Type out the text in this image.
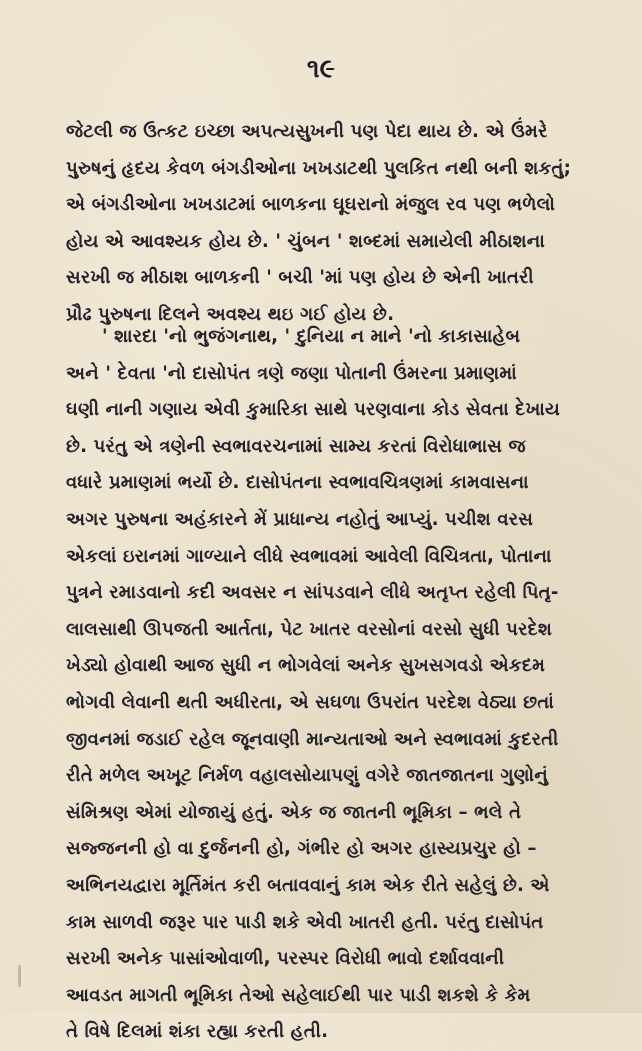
૧૯

જેટલી જ ઉત્કટ ઇચ્છા અપત્યસુખની પણ પેદા થાય છે. એ ઉંમરે
પુરુષનું હૃદય કેવળ બંગડીઓના ખખડાટથી પુલકિત નથી બની શકતું;
એ બંગડીઓના ખખડાટમાં બાળકના ઘૂઘરાનો મંજુલ રવ પણ ભળેલો
હોય એ આવશ્યક હોય છે. ' ચુંબન ' શબ્દમાં સમાયેલી મીઠાશના
સરખી જ મીઠાશ બાળકની ' બચી 'માં પણ હોય છે એની ખાતરી
પ્રૌઢ પુરુષના દિલને અવશ્ય થઇ ગઈ હોય છે.

' શારદા 'નો ભુજંગનાથ, ' દુનિયા ન માને 'નો કાકાસાહેબ
અને ' દેવતા 'નો દાસોપંત ત્રણે જણા પોતાની ઉંમરના પ્રમાણમાં
ઘણી નાની ગણાય એવી કુમારિકા સાથે પરણવાના કોડ સેવતા દેખાય
છે. પરંતુ એ ત્રણેની સ્વભાવરચનામાં સામ્ય કરતાં વિરોધાભાસ જ
વધારે પ્રમાણમાં ભર્યો છે. દાસોપંતના સ્વભાવચિત્રણમાં કામવાસના
અગર પુરુષના અહંકારને મેં પ્રાધાન્ય નહોતું આપ્યું. પચીશ વરસ
એકલાં ઇરાનમાં ગાળ્યાને લીધે સ્વભાવમાં આવેલી વિચિત્રતા, પોતાના
પુત્રને રમાડવાનો કદી અવસર ન સાંપડવાને લીધે અતૃપ્ત રહેલી પિતૃ-
લાલસાથી ઊપજતી આર્તતા, પેટ ખાતર વરસોનાં વરસો સુધી પરદેશ
ખેડ્યો હોવાથી આજ સુધી ન ભોગવેલાં અનેક સુખસગવડો એકદમ
ભોગવી લેવાની થતી અધીરતા, એ સઘળા ઉપરાંત પરદેશ વેઠ્યા છતાં
જીવનમાં જડાઈ રહેલ જૂનવાણી માન્યતાઓ અને સ્વભાવમાં કુદરતી
રીતે મળેલ અખૂટ નિર્મળ વહાલસોયાપણું વગેરે જાતજાતના ગુણોનું
સંમિશ્રણ એમાં યોજાયું હતું. એક જ જાતની ભૂમિકા – ભલે તે
સજ્જનની હો વા દુર્જનની હો, ગંભીર હો અગર હાસ્યપ્રચુર હો –
અભિનયદ્વારા મૂર્તિમંત કરી બતાવવાનું કામ એક રીતે સહેલું છે. એ
કામ સાળવી જરૂર પાર પાડી શકે એવી ખાતરી હતી. પરંતુ દાસોપંત
સરખી અનેક પાસાંઓવાળી, પરસ્પર વિરોધી ભાવો દર્શાવવાની
આવડત માગતી ભૂમિકા તેઓ સહેલાઈથી પાર પાડી શકશે કે કેમ
તે વિષે દિલમાં શંકા રહ્યા કરતી હતી.
